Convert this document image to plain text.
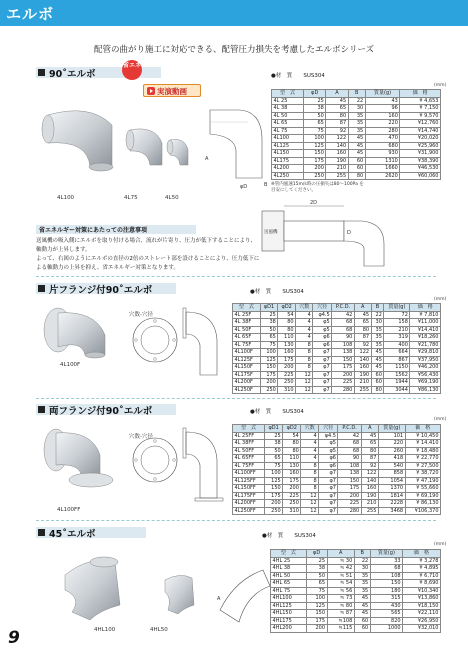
エルボ
配管の曲がり施工に対応できる、配管圧力損失を考慮したエルボシリーズ
90˚エルボ
省エネ
実演動画
4L100	4L75	4L50
A
φD	B
●材　質　　 SUS304
(mm)
型　式	φD	A	B	質量(g)	価　格
4L 25	25	45	22	43	¥ 4,653
4L 38	38	65	30	96	¥ 7,150
4L 50	50	80	35	160	¥ 9,570
4L 65	65	87	35	220	¥12,760
4L 75	75	92	35	280	¥14,740
4L100	100	122	45	470	¥20,020
4L125	125	140	45	680	¥25,960
4L150	150	160	45	930	¥31,900
4L175	175	190	60	1310	¥38,390
4L200	200	210	60	1660	¥46,530
4L250	250	255	80	2620	¥60,060
※管内風速15m/s時の圧損失は80～100Pa を
目安にしてください。
省エネルギー対策にあたっての注意事項
送風機の吸入側にエルボを取り付ける場合、流れが片寄り、圧力が低下することにより、
軸動力が上昇します。
よって、右図のようにエルボの直径の2倍のストレート部を設けることにより、圧力低下に
よる軸動力の上昇を抑え、省エネルギー対策となります。
2D
D
送風機
片フランジ付90˚エルボ
4L100F
穴数-穴径
●材　質　　 SUS304
(mm)
型　式	φD1	φD2	穴数	穴径	P.C.D.	A	B	質量(g)	価　格
4L 25F	25	54	4	φ4.5	42	45	22	72	¥ 7,810
4L 38F	38	80	4	φ5	68	65	30	158	¥11,000
4L 50F	50	80	4	φ5	68	80	35	210	¥14,410
4L 65F	65	110	4	φ6	90	87	35	319	¥18,260
4L 75F	75	130	8	φ6	108	92	35	400	¥21,780
4L100F	100	160	8	φ7	138	122	45	664	¥29,810
4L125F	125	175	8	φ7	150	140	45	867	¥37,950
4L150F	150	200	8	φ7	175	160	45	1150	¥46,200
4L175F	175	225	12	φ7	200	190	60	1562	¥56,430
4L200F	200	250	12	φ7	225	210	60	1944	¥69,190
4L250F	250	310	12	φ7	280	255	80	3044	¥86,130
両フランジ付90˚エルボ
4L100FF
穴数-穴径
●材　質　　 SUS304
(mm)
型　式	φD1	φD2	穴数	穴径	P.C.D.	A	質量(g)	価　格
4L 25FF	25	54	4	φ4.5	42	45	101	¥ 10,450
4L 38FF	38	80	4	φ5	68	65	220	¥ 14,410
4L 50FF	50	80	4	φ5	68	80	260	¥ 18,480
4L 65FF	65	110	4	φ6	90	87	418	¥ 22,770
4L 75FF	75	130	8	φ6	108	92	540	¥ 27,500
4L100FF	100	160	8	φ7	138	122	858	¥ 38,720
4L125FF	125	175	8	φ7	150	140	1054	¥ 47,190
4L150FF	150	200	8	φ7	175	160	1370	¥ 55,660
4L175FF	175	225	12	φ7	200	190	1814	¥ 69,190
4L200FF	200	250	12	φ7	225	210	2228	¥ 86,130
4L250FF	250	310	12	φ7	280	255	3468	¥106,370
45˚エルボ
4HL100	4HL50
A
●材　質　　 SUS304
(mm)
型　式	φD	A	B	質量(g)	価　格
4HL 25	25	≒ 30	22	33	¥ 3,278
4HL 38	38	≒ 42	30	68	¥ 4,895
4HL 50	50	≒ 51	35	108	¥ 6,710
4HL 65	65	≒ 54	35	150	¥ 8,690
4HL 75	75	≒ 56	35	180	¥10,340
4HL100	100	≒ 73	45	315	¥13,860
4HL125	125	≒ 80	45	430	¥18,150
4HL150	150	≒ 87	45	565	¥22,110
4HL175	175	≒108	60	820	¥26,950
4HL200	200	≒115	60	1000	¥32,010
9
